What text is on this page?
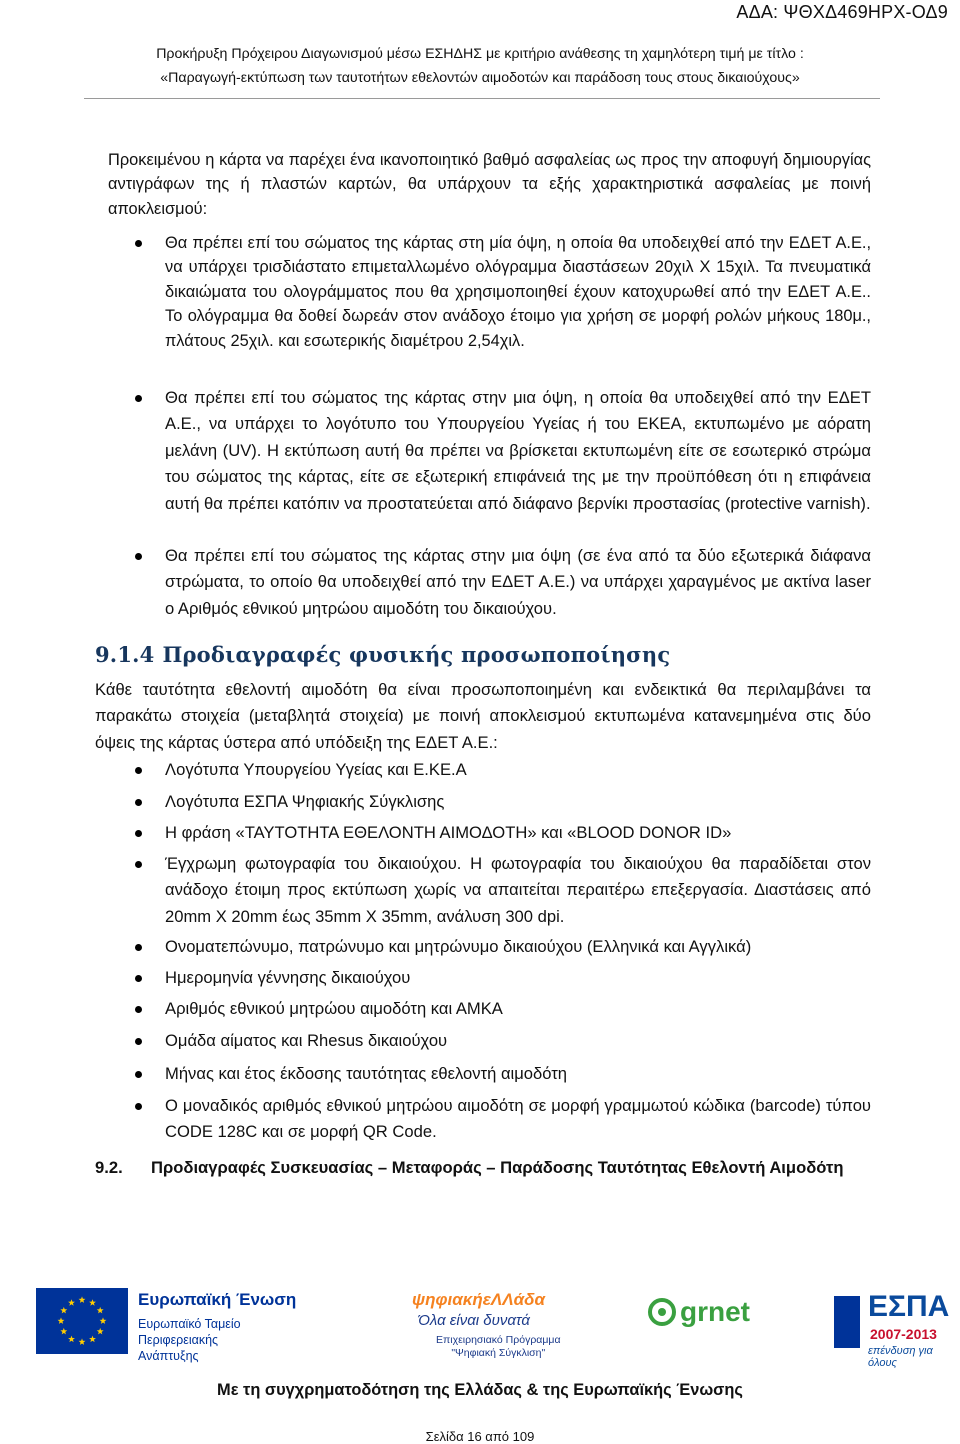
ΑΔΑ: ΨΘΧΔ469ΗΡΧ-ΟΔ9
Προκήρυξη Πρόχειρου Διαγωνισμού μέσω ΕΣΗΔΗΣ με κριτήριο ανάθεσης τη χαμηλότερη τιμή με τίτλο :
«Παραγωγή-εκτύπωση των ταυτοτήτων εθελοντών αιμοδοτών και παράδοση τους στους δικαιούχους»
Προκειμένου η κάρτα να παρέχει ένα ικανοποιητικό βαθμό ασφαλείας ως προς την αποφυγή δημιουργίας αντιγράφων της ή πλαστών καρτών, θα υπάρχουν τα εξής χαρακτηριστικά ασφαλείας με ποινή αποκλεισμού:
Θα πρέπει επί του σώματος της κάρτας στη μία όψη, η οποία θα υποδειχθεί από την ΕΔΕΤ Α.Ε., να υπάρχει τρισδιάστατο επιμεταλλωμένο ολόγραμμα διαστάσεων 20χιλ Χ 15χιλ. Τα πνευματικά δικαιώματα του ολογράμματος που θα χρησιμοποιηθεί έχουν κατοχυρωθεί από την ΕΔΕΤ Α.Ε.. Το ολόγραμμα θα δοθεί δωρεάν στον ανάδοχο έτοιμο για χρήση σε μορφή ρολών μήκους 180μ., πλάτους 25χιλ. και εσωτερικής διαμέτρου 2,54χιλ.
Θα πρέπει επί του σώματος της κάρτας στην μια όψη, η οποία θα υποδειχθεί από την ΕΔΕΤ Α.Ε., να υπάρχει το λογότυπο του Υπουργείου Υγείας ή του ΕΚΕΑ, εκτυπωμένο με αόρατη μελάνη (UV). Η εκτύπωση αυτή θα πρέπει να βρίσκεται εκτυπωμένη είτε σε εσωτερικό στρώμα του σώματος της κάρτας, είτε σε εξωτερική επιφάνειά της με την προϋπόθεση ότι η επιφάνεια αυτή θα πρέπει κατόπιν να προστατεύεται από διάφανο βερνίκι προστασίας (protective varnish).
Θα πρέπει επί του σώματος της κάρτας στην μια όψη (σε ένα από τα δύο εξωτερικά διάφανα στρώματα, το οποίο θα υποδειχθεί από την ΕΔΕΤ Α.Ε.) να υπάρχει χαραγμένος με ακτίνα laser ο Αριθμός εθνικού μητρώου αιμοδότη του δικαιούχου.
9.1.4 Προδιαγραφές φυσικής προσωποποίησης
Κάθε ταυτότητα εθελοντή αιμοδότη θα είναι προσωποποιημένη και ενδεικτικά θα περιλαμβάνει τα παρακάτω στοιχεία (μεταβλητά στοιχεία) με ποινή αποκλεισμού εκτυπωμένα κατανεμημένα στις δύο όψεις της κάρτας ύστερα από υπόδειξη της ΕΔΕΤ Α.Ε.:
Λογότυπα Υπουργείου Υγείας και Ε.ΚΕ.Α
Λογότυπα ΕΣΠΑ Ψηφιακής Σύγκλισης
Η φράση «ΤΑΥΤΟΤΗΤΑ ΕΘΕΛΟΝΤΗ ΑΙΜΟΔΟΤΗ» και «BLOOD DONOR ID»
Έγχρωμη φωτογραφία του δικαιούχου. Η φωτογραφία του δικαιούχου θα παραδίδεται στον ανάδοχο έτοιμη προς εκτύπωση χωρίς να απαιτείται περαιτέρω επεξεργασία. Διαστάσεις από 20mm Χ 20mm έως 35mm Χ 35mm, ανάλυση 300 dpi.
Ονοματεπώνυμο, πατρώνυμο και μητρώνυμο δικαιούχου (Ελληνικά και Αγγλικά)
Ημερομηνία γέννησης δικαιούχου
Αριθμός εθνικού μητρώου αιμοδότη και ΑΜΚΑ
Ομάδα αίματος και Rhesus δικαιούχου
Μήνας και έτος έκδοσης ταυτότητας εθελοντή αιμοδότη
Ο μοναδικός αριθμός εθνικού μητρώου αιμοδότη σε μορφή γραμμωτού κώδικα (barcode) τύπου CODE 128C και σε μορφή QR Code.
9.2. Προδιαγραφές Συσκευασίας – Μεταφοράς – Παράδοσης Ταυτότητας Εθελοντή Αιμοδότη
Ευρωπαϊκή Ένωση
Ευρωπαϊκό Ταμείο
Περιφερειακής
Ανάπτυξης
ψηφιακήεΛΛάδα
Όλα είναι δυνατά
Επιχειρησιακό Πρόγραμμα
"Ψηφιακή Σύγκλιση"
grnet	ΕΣΠΑ
2007-2013
επένδυση για όλους
Με τη συγχρηματοδότηση της Ελλάδας & της Ευρωπαϊκής Ένωσης
Σελίδα 16 από 109
